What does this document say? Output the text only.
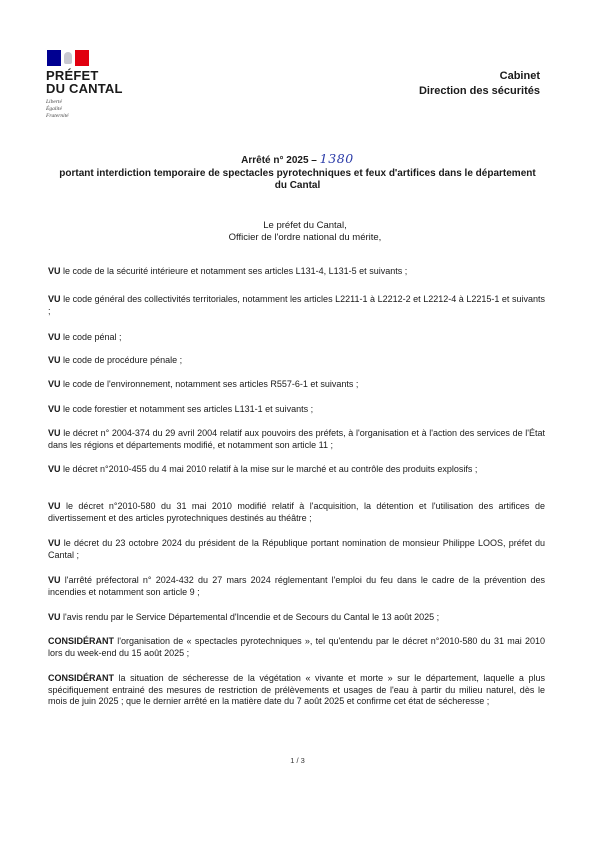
PRÉFET
DU CANTAL
Liberté
Égalité
Fraternité
Cabinet
Direction des sécurités
Arrêté n° 2025 – 1380
portant interdiction temporaire de spectacles pyrotechniques et feux d'artifices dans le département du Cantal
Le préfet du Cantal,
Officier de l'ordre national du mérite,

VU le code de la sécurité intérieure et notamment ses articles L131-4, L131-5 et suivants ;

VU le code général des collectivités territoriales, notamment les articles L2211-1 à L2212-2 et L2212-4 à L2215-1 et suivants ;

VU le code pénal ;

VU le code de procédure pénale ;

VU le code de l'environnement, notamment ses articles R557-6-1 et suivants ;

VU le code forestier et notamment ses articles L131-1 et suivants ;

VU le décret n° 2004-374 du 29 avril 2004 relatif aux pouvoirs des préfets, à l'organisation et à l'action des services de l'État dans les régions et départements modifié, et notamment son article 11 ;

VU le décret n°2010-455 du 4 mai 2010 relatif à la mise sur le marché et au contrôle des produits explosifs ;

VU le décret n°2010-580 du 31 mai 2010 modifié relatif à l'acquisition, la détention et l'utilisation des artifices de divertissement et des articles pyrotechniques destinés au théâtre ;

VU le décret du 23 octobre 2024 du président de la République portant nomination de monsieur Philippe LOOS, préfet du Cantal ;

VU l'arrêté préfectoral n° 2024-432 du 27 mars 2024 réglementant l'emploi du feu dans le cadre de la prévention des incendies et notamment son article 9 ;

VU l'avis rendu par le Service Départemental d'Incendie et de Secours du Cantal le 13 août 2025 ;

CONSIDÉRANT l'organisation de « spectacles pyrotechniques », tel qu'entendu par le décret n°2010-580 du 31 mai 2010 lors du week-end du 15 août 2025 ;

CONSIDÉRANT la situation de sécheresse de la végétation « vivante et morte » sur le département, laquelle a plus spécifiquement entrainé des mesures de restriction de prélèvements et usages de l'eau à partir du milieu naturel, dès le mois de juin 2025 ; que le dernier arrêté en la matière date du 7 août 2025 et confirme cet état de sécheresse ;

1 / 3
